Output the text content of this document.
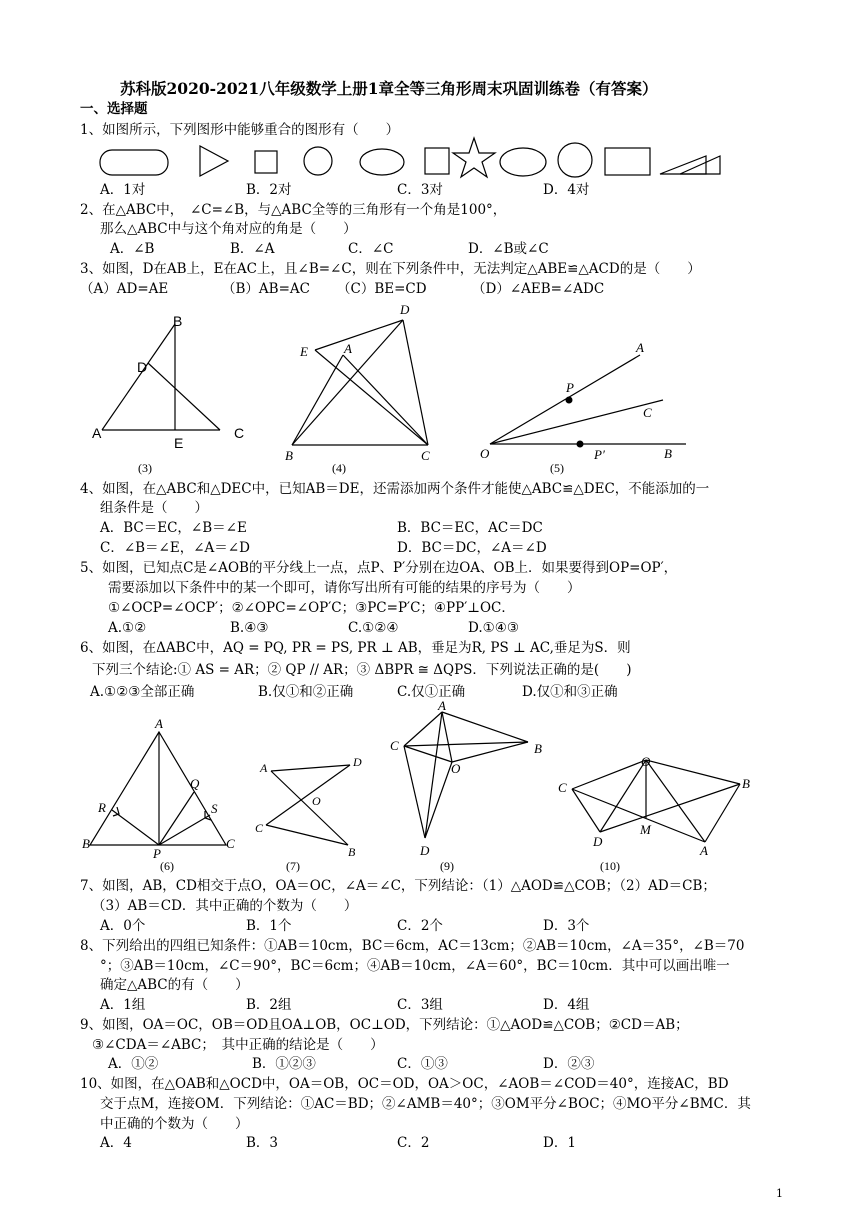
苏科版2020-2021八年级数学上册1章全等三角形周末巩固训练卷（有答案）
一、选择题
1、如图所示，下列图形中能够重合的图形有（　　）
A．1对	B．2对	C．3对	D．4对
2、在△ABC中，　∠C=∠B，与△ABC全等的三角形有一个角是100°，
那么△ABC中与这个角对应的角是（　　）
A．∠B	B．∠A	C．∠C	D．∠B或∠C
3、如图，D在AB上，E在AC上，且∠B=∠C，则在下列条件中，无法判定△ABE≌△ACD的是（　　）
（A）AD=AE	（B）AB=AC （C）BE=CD	（D）∠AEB=∠ADC
A
B
C
D
E
(3)
B	C
D
E	A
(4)
O
A
B
C
P
P′
(5)
4、如图，在△ABC和△DEC中，已知AB＝DE，还需添加两个条件才能使△ABC≌△DEC，不能添加的一
组条件是（　　）
A．BC＝EC，∠B＝∠E	B．BC＝EC，AC＝DC
C．∠B＝∠E，∠A＝∠D	D．BC＝DC，∠A＝∠D
5、如图，已知点C是∠AOB的平分线上一点，点P、P′分别在边OA、OB上．如果要得到OP=OP′，
需要添加以下条件中的某一个即可，请你写出所有可能的结果的序号为（　　）
①∠OCP=∠OCP′；②∠OPC=∠OP′C；③PC=P′C；④PP′⊥OC．
A.①②	B.④③	C.①②④	D.①④③
6、如图，在ΔABC中，AQ = PQ, PR = PS, PR ⊥ AB，垂足为R, PS ⊥ AC,垂足为S．则
下列三个结论:① AS = AR；② QP // AR；③ ΔBPR ≅ ΔQPS．下列说法正确的是(　　)
A.①②③全部正确	B.仅①和②正确	C.仅①正确	D.仅①和③正确
A
B	C
P
Q
R	S
(6)
A
B
C
D
O
(7)
A
B
C
D
O
(9)
O
B
C
D
M
A
(10)
7、如图，AB，CD相交于点O，OA＝OC，∠A＝∠C，下列结论：（1）△AOD≌△COB；（2）AD＝CB；
（3）AB＝CD．其中正确的个数为（　　）
A．0个	B．1个	C．2个	D．3个
8、下列给出的四组已知条件：①AB＝10cm，BC＝6cm，AC＝13cm；②AB＝10cm，∠A＝35°，∠B＝70
°；③AB＝10cm，∠C＝90°，BC＝6cm；④AB＝10cm，∠A＝60°，BC＝10cm．其中可以画出唯一
确定△ABC的有（　　）
A．1组	B．2组	C．3组	D．4组
9、如图，OA＝OC，OB＝OD且OA⊥OB，OC⊥OD，下列结论：①△AOD≌△COB；②CD＝AB；
③∠CDA＝∠ABC；　其中正确的结论是（　　）
A．①②	B．①②③	C．①③	D．②③
10、如图，在△OAB和△OCD中，OA＝OB，OC＝OD，OA＞OC，∠AOB＝∠COD＝40°，连接AC，BD
交于点M，连接OM．下列结论：①AC＝BD；②∠AMB＝40°；③OM平分∠BOC；④MO平分∠BMC．其
中正确的个数为（　　）
A．4	B．3	C．2	D．1
1
